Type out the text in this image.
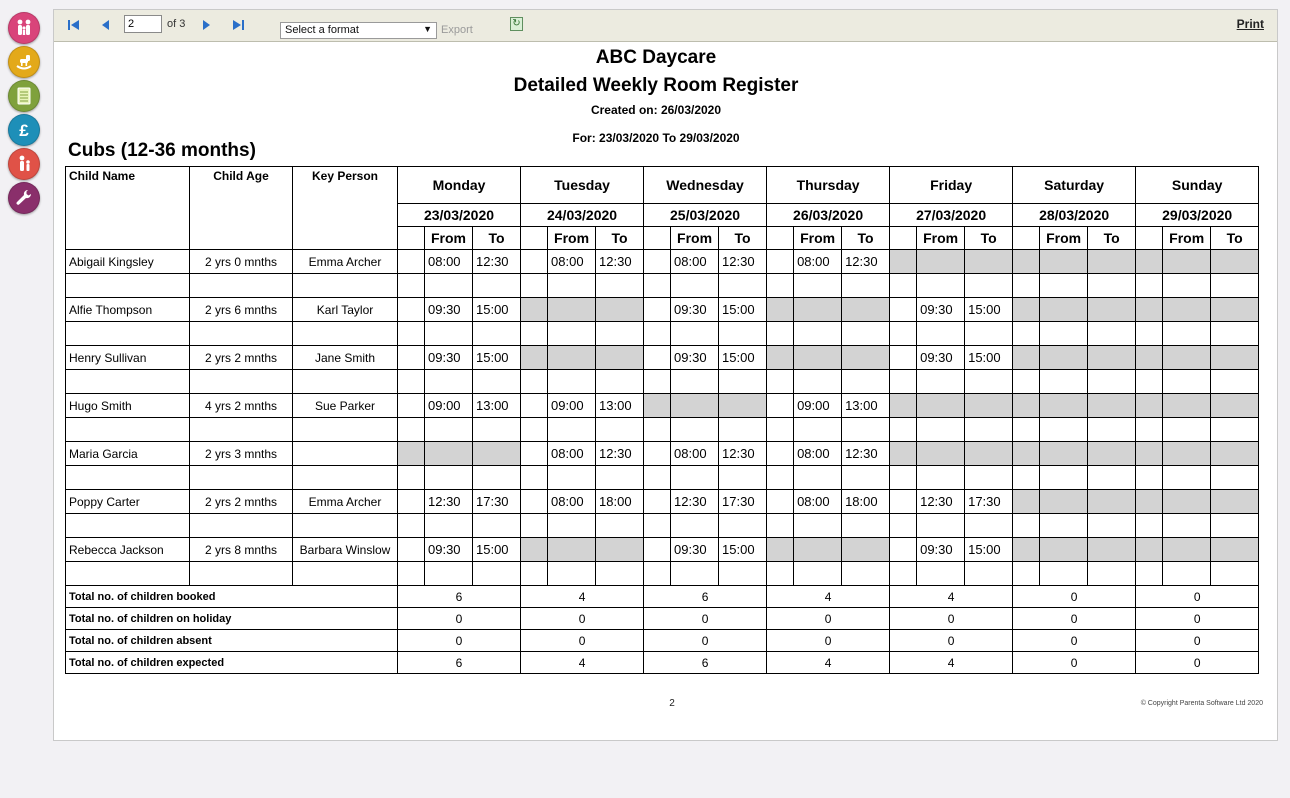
£
2
of 3	Select a format	▼ Export
↻	Print
ABC Daycare
Detailed Weekly Room Register
Created on: 26/03/2020
For: 23/03/2020 To 29/03/2020
Cubs (12-36 months)
Child Name	Child Age	Key Person	Monday			Tuesday			Wednesday			Thursday			Friday			Saturday			Sunday		
			23/03/2020			24/03/2020			25/03/2020			26/03/2020			27/03/2020			28/03/2020			29/03/2020		
				From	To		From	To		From	To		From	To		From	To		From	To		From	To
Abigail Kingsley	2 yrs 0 mnths	Emma Archer		08:00	12:30		08:00	12:30		08:00	12:30		08:00	12:30									

Alfie Thompson	2 yrs 6 mnths	Karl Taylor		09:30	15:00					09:30	15:00					09:30	15:00						

Henry Sullivan	2 yrs 2 mnths	Jane Smith		09:30	15:00					09:30	15:00					09:30	15:00						

Hugo Smith	4 yrs 2 mnths	Sue Parker		09:00	13:00		09:00	13:00					09:00	13:00									

Maria Garcia	2 yrs 3 mnths						08:00	12:30		08:00	12:30		08:00	12:30									

Poppy Carter	2 yrs 2 mnths	Emma Archer		12:30	17:30		08:00	18:00		12:30	17:30		08:00	18:00		12:30	17:30						

Rebecca Jackson	2 yrs 8 mnths	Barbara Winslow		09:30	15:00					09:30	15:00					09:30	15:00						

Total no. of children booked			6			4			6			4			4			0			0		
Total no. of children on holiday			0			0			0			0			0			0			0		
Total no. of children absent			0			0			0			0			0			0			0		
Total no. of children expected			6			4			6			4			4			0			0		
2	© Copyright Parenta Software Ltd 2020
